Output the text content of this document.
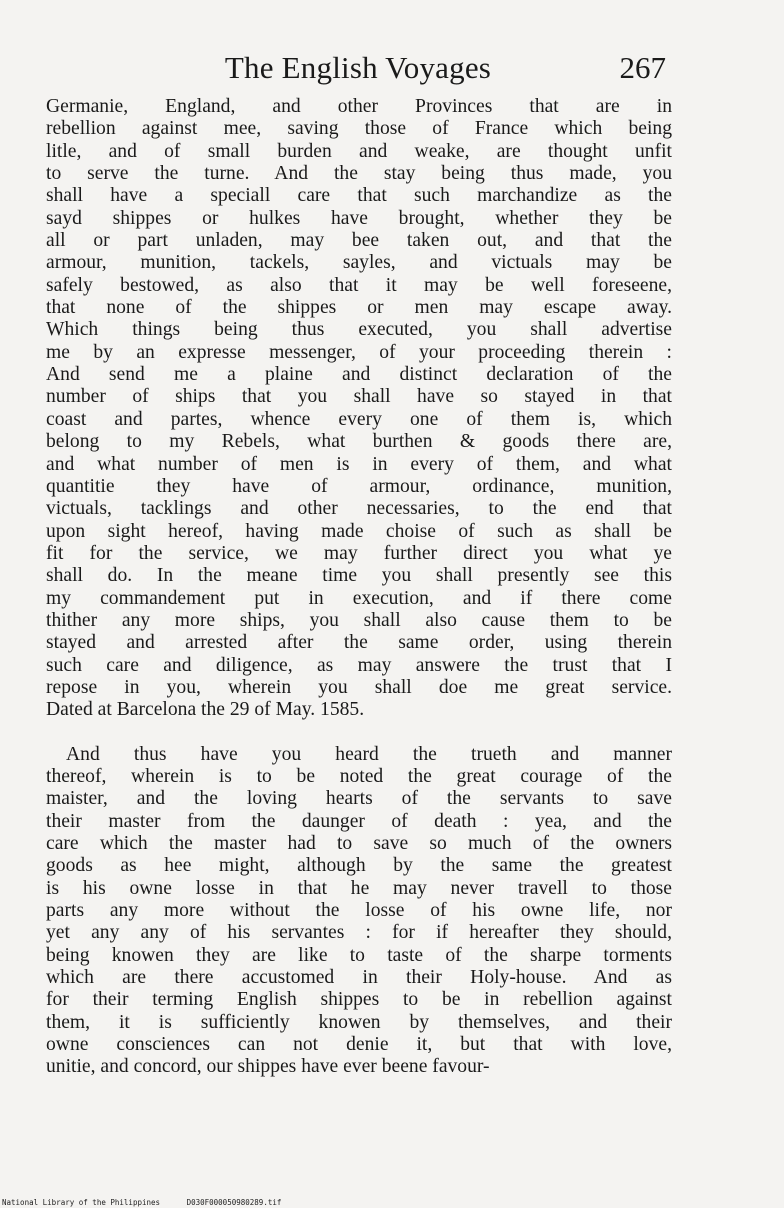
The English Voyages	267
Germanie, England, and other Provinces that are in
rebellion against mee, saving those of France which being
litle, and of small burden and weake, are thought unfit
to serve the turne. And the stay being thus made, you
shall have a speciall care that such marchandize as the
sayd shippes or hulkes have brought, whether they be
all or part unladen, may bee taken out, and that the
armour, munition, tackels, sayles, and victuals may be
safely bestowed, as also that it may be well foreseene,
that none of the shippes or men may escape away.
Which things being thus executed, you shall advertise
me by an expresse messenger, of your proceeding therein :
And send me a plaine and distinct declaration of the
number of ships that you shall have so stayed in that
coast and partes, whence every one of them is, which
belong to my Rebels, what burthen & goods there are,
and what number of men is in every of them, and what
quantitie they have of armour, ordinance, munition,
victuals, tacklings and other necessaries, to the end that
upon sight hereof, having made choise of such as shall be
fit for the service, we may further direct you what ye
shall do. In the meane time you shall presently see this
my commandement put in execution, and if there come
thither any more ships, you shall also cause them to be
stayed and arrested after the same order, using therein
such care and diligence, as may answere the trust that I
repose in you, wherein you shall doe me great service.
Dated at Barcelona the 29 of May. 1585.
And thus have you heard the trueth and manner
thereof, wherein is to be noted the great courage of the
maister, and the loving hearts of the servants to save
their master from the daunger of death : yea, and the
care which the master had to save so much of the owners
goods as hee might, although by the same the greatest
is his owne losse in that he may never travell to those
parts any more without the losse of his owne life, nor
yet any any of his servantes : for if hereafter they should,
being knowen they are like to taste of the sharpe torments
which are there accustomed in their Holy-house. And as
for their terming English shippes to be in rebellion against
them, it is sufficiently knowen by themselves, and their
owne consciences can not denie it, but that with love,
unitie, and concord, our shippes have ever beene favour-
National Library of the Philippines	D030F000050980289.tif
